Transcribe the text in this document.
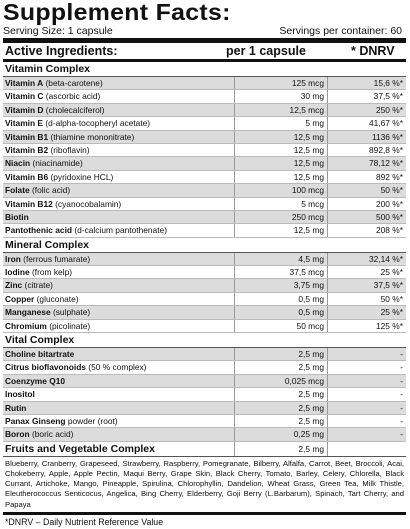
Supplement Facts:
Serving Size: 1 capsule	Servings per container: 60
Active Ingredients:	per 1 capsule	* DNRV
Vitamin Complex
Vitamin A (beta-carotene)	125 mcg	15,6 %*
Vitamin C (ascorbic acid)	30 mg	37,5 %*
Vitamin D (cholecalciferol)	12,5 mcg	250 %*
Vitamin E (d-alpha-tocopheryl acetate)	5 mg	41,67 %*
Vitamin B1 (thiamine mononitrate)	12,5 mg	1136 %*
Vitamin B2 (riboflavin)	12,5 mg	892,8 %*
Niacin (niacinamide)	12,5 mg	78,12 %*
Vitamin B6 (pyridoxine HCL)	12,5 mg	892 %*
Folate (folic acid)	100 mcg	50 %*
Vitamin B12 (cyanocobalamin)	5 mcg	200 %*
Biotin	250 mcg	500 %*
Pantothenic acid (d-calcium pantothenate)	12,5 mg	208 %*
Mineral Complex
Iron (ferrous fumarate)	4,5 mg	32,14 %*
Iodine (from kelp)	37,5 mcg	25 %*
Zinc (citrate)	3,75 mg	37,5 %*
Copper (gluconate)	0,5 mg	50 %*
Manganese (sulphate)	0,5 mg	25 %*
Chromium (picolinate)	50 mcg	125 %*
Vital Complex
Choline bitartrate	2,5 mg	-
Citrus bioflavonoids (50 % complex)	2,5 mg	-
Coenzyme Q10	0,025 mcg	-
Inositol	2,5 mg	-
Rutin	2,5 mg	-
Panax Ginseng powder (root)	2,5 mg	-
Boron (boric acid)	0,25 mg	-
Fruits and Vegetable Complex	2,5 mg
Blueberry, Cranberry, Grapeseed, Strawberry, Raspberry, Pomegranate, Bilberry, Alfalfa, Carrot, Beet, Broccoli, Acai, Chokeberry, Apple, Apple Pectin, Maqui Berry, Grape Skin, Black Cherry, Tomato, Barley, Celery, Chlorella, Black Currant, Artichoke, Mango, Pineapple, Spirulina, Chlorophyllin, Dandelion, Wheat Grass, Green Tea, Milk Thistle, Eleutherococcus Senticocus, Angelica, Bing Cherry, Elderberry, Goji Berry (L.Barbarum), Spinach, Tart Cherry, and Papaya
*DNRV – Daily Nutrient Reference Value
